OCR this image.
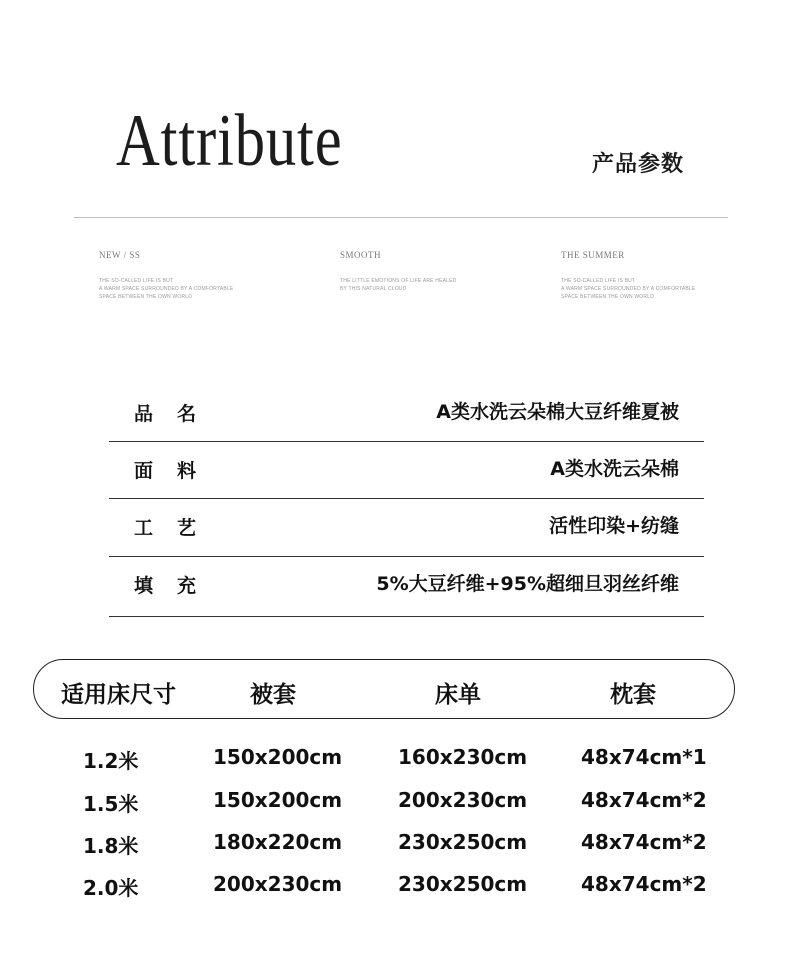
Attribute	产品参数
NEW / SS
THE SO-CALLED LIFE IS BUT
A WARM SPACE SURROUNDED BY A COMFORTABLE
SPACE BETWEEN THE OWN WORLD
SMOOTH
THE LITTLE EMOTIONS OF LIFE ARE HEALED
BY THIS NATURAL CLOUD
THE SUMMER
THE SO-CALLED LIFE IS BUT
A WARM SPACE SURROUNDED BY A COMFORTABLE
SPACE BETWEEN THE OWN WORLD
品名	A类水洗云朵棉大豆纤维夏被
面料	A类水洗云朵棉
工艺	活性印染+纺缝
填充	5%大豆纤维+95%超细旦羽丝纤维
适用床尺寸	被套	床单	枕套
1.2米	150x200cm	160x230cm	48x74cm*1
1.5米	150x200cm	200x230cm	48x74cm*2
1.8米	180x220cm	230x250cm	48x74cm*2
2.0米	200x230cm	230x250cm	48x74cm*2
